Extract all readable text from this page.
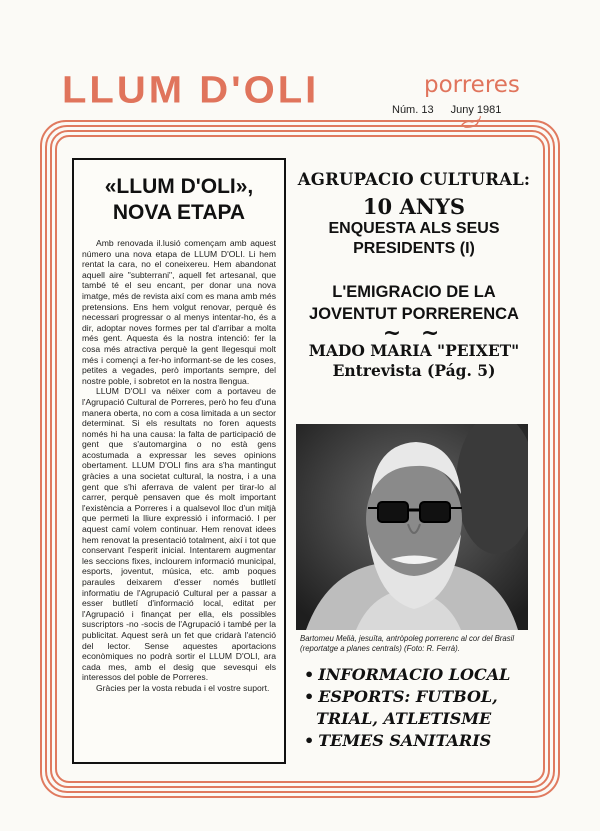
LLUM D'OLI	porreres
Núm. 13 Juny 1981
«LLUM D'OLI»,
NOVA ETAPA

Amb renovada il.lusió començam amb aquest número una nova etapa de LLUM D'OLI. Li hem rentat la cara, no el coneixereu. Hem abandonat aquell aire "subterrani", aquell fet artesanal, que també té el seu encant, per donar una nova imatge, més de revista així com es mana amb més pretensions. Ens hem volgut renovar, perquè és necessari progressar o al menys intentar-ho, és a dir, adoptar noves formes per tal d'arribar a molta més gent. Aquesta és la nostra intenció: fer la cosa més atractiva perquè la gent llegesqui molt més i començi a fer-ho informant-se de les coses, petites a vegades, però importants sempre, del nostre poble, i sobretot en la nostra llengua.

LLUM D'OLI va néixer com a portaveu de l'Agrupació Cultural de Porreres, però ho feu d'una manera oberta, no com a cosa limitada a un sector determinat. Si els resultats no foren aquests només hi ha una causa: la falta de participació de gent que s'automargina o no està gens acostumada a expressar les seves opinions obertament. LLUM D'OLI fins ara s'ha mantingut gràcies a una societat cultural, la nostra, i a una gent que s'hi aferrava de valent per tirar-lo al carrer, perquè pensaven que és molt important l'existència a Porreres i a qualsevol lloc d'un mitjà que permeti la lliure expressió i informació. I per aquest camí volem continuar. Hem renovat idees hem renovat la presentació totalment, així i tot que conservant l'esperit inicial. Intentarem augmentar les seccions fixes, inclourem informació municipal, esports, joventut, música, etc. amb poques paraules deixarem d'esser només butlletí informatiu de l'Agrupació Cultural per a passar a esser butlletí d'informació local, editat per l'Agrupació i finançat per ella, els possibles suscriptors -no -socis de l'Agrupació i també per la publicitat. Aquest serà un fet que cridarà l'atenció del lector. Sense aquestes aportacions econòmiques no podrà sortir el LLUM D'OLI, ara cada mes, amb el desig que sevesqui els interessos del poble de Porreres.

Gràcies per la vosta rebuda i el vostre suport.

AGRUPACIO CULTURAL:
10 ANYS
ENQUESTA ALS SEUS
PRESIDENTS (I)
L'EMIGRACIO DE LA
JOVENTUT PORRERENCA
~ ~
MADO MARIA "PEIXET"
Entrevista (Pág. 5)
Bartomeu Melià, jesuïta, antròpoleg porrerenc al cor del Brasil (reportatge a planes centrals) (Foto: R. Ferrà).
• INFORMACIO LOCAL
• ESPORTS: FUTBOL,
TRIAL, ATLETISME
• TEMES SANITARIS
